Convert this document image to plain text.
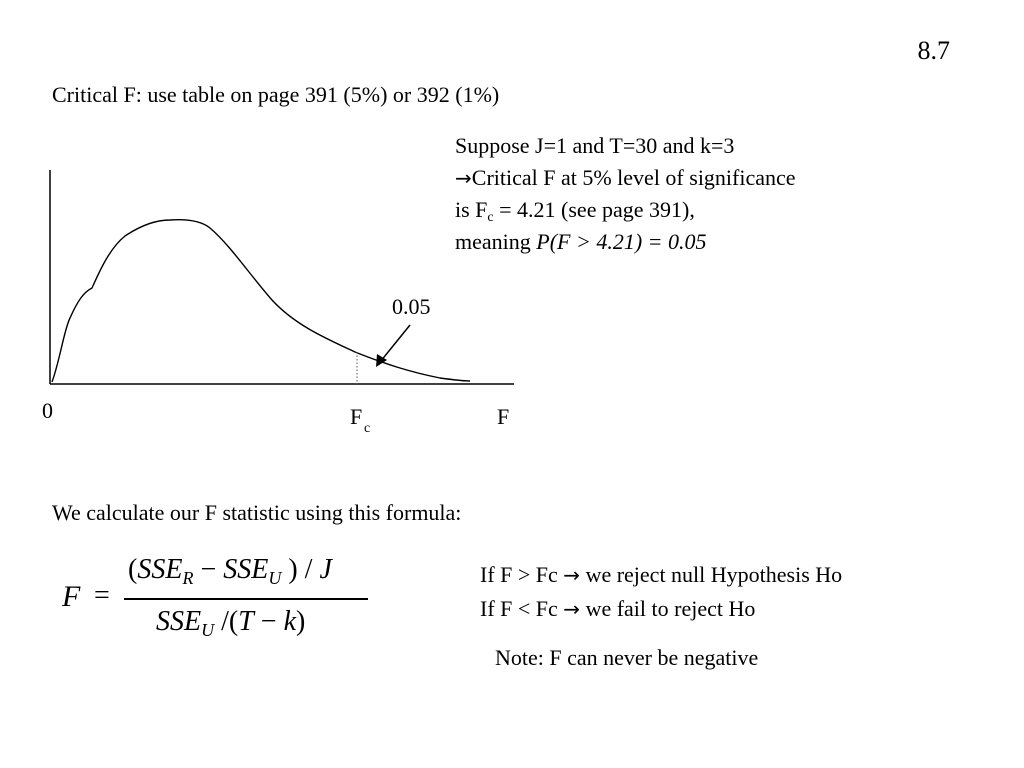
8.7
Critical F: use table on page 391 (5%) or 392 (1%)
Suppose J=1 and T=30 and k=3
→Critical F at 5% level of significance
is $F_c = 4.21$ (see page 391),
meaning P(F > 4.21) = 0.05
0.05
0	F c	F
We calculate our F statistic using this formula:
F =
($SSE_R - SSE_U$ ) / J
$SSE_U$ /(T − k)
If F > Fc → we reject null Hypothesis Ho
If F < Fc → we fail to reject Ho
Note: F can never be negative
